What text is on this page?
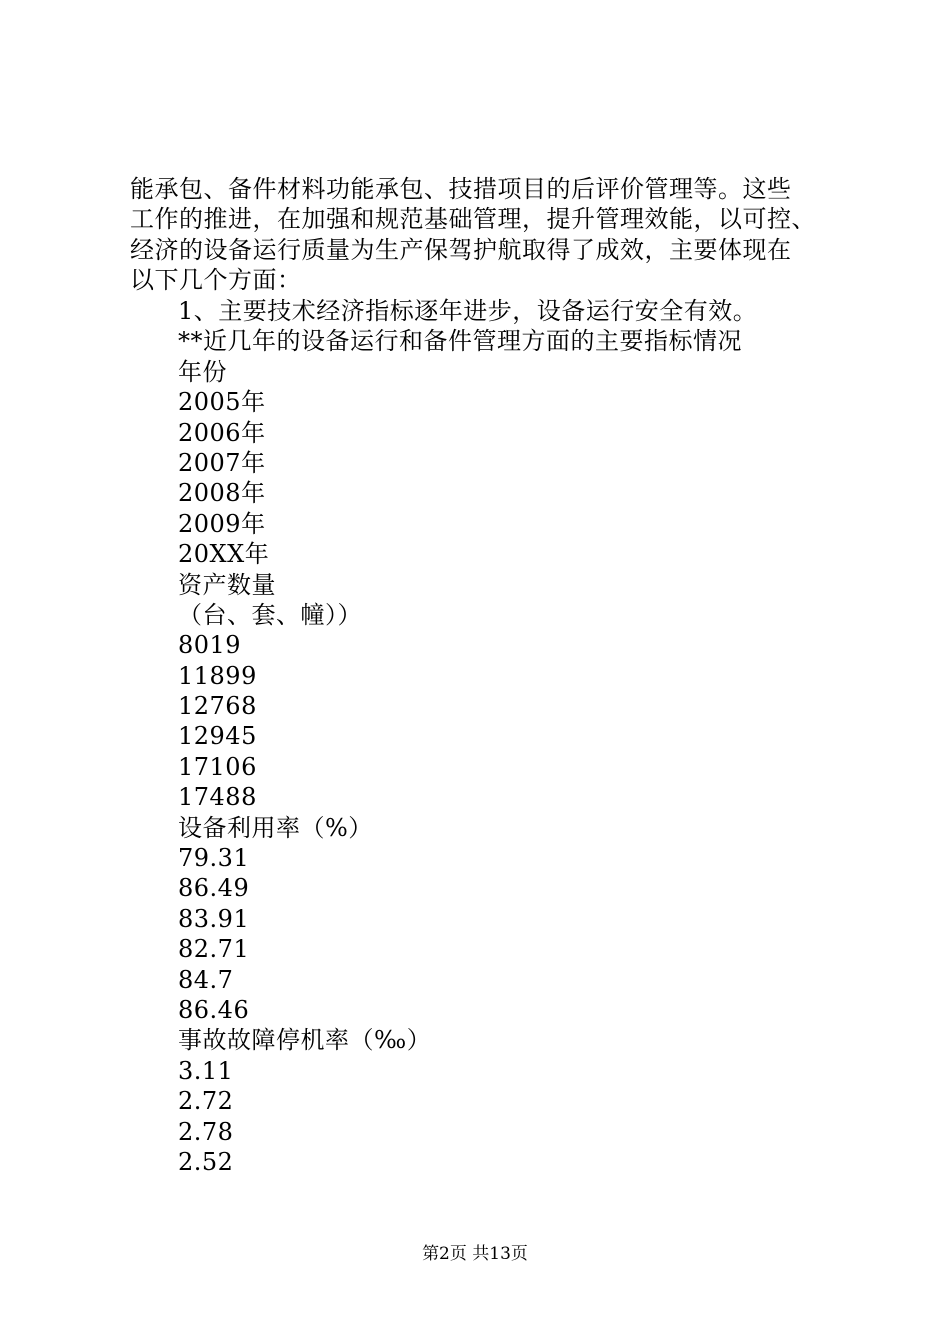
能承包、备件材料功能承包、技措项目的后评价管理等。这些
工作的推进，在加强和规范基础管理，提升管理效能，以可控、
经济的设备运行质量为生产保驾护航取得了成效，主要体现在
以下几个方面：

1、主要技术经济指标逐年进步，设备运行安全有效。
**近几年的设备运行和备件管理方面的主要指标情况
年份
2005年
2006年
2007年
2008年
2009年
20XX年
资产数量
（台、套、幢））
8019
11899
12768
12945
17106
17488
设备利用率（%）
79.31
86.49
83.91
82.71
84.7
86.46
事故故障停机率（‰）
3.11
2.72
2.78
2.52
第2页 共13页
